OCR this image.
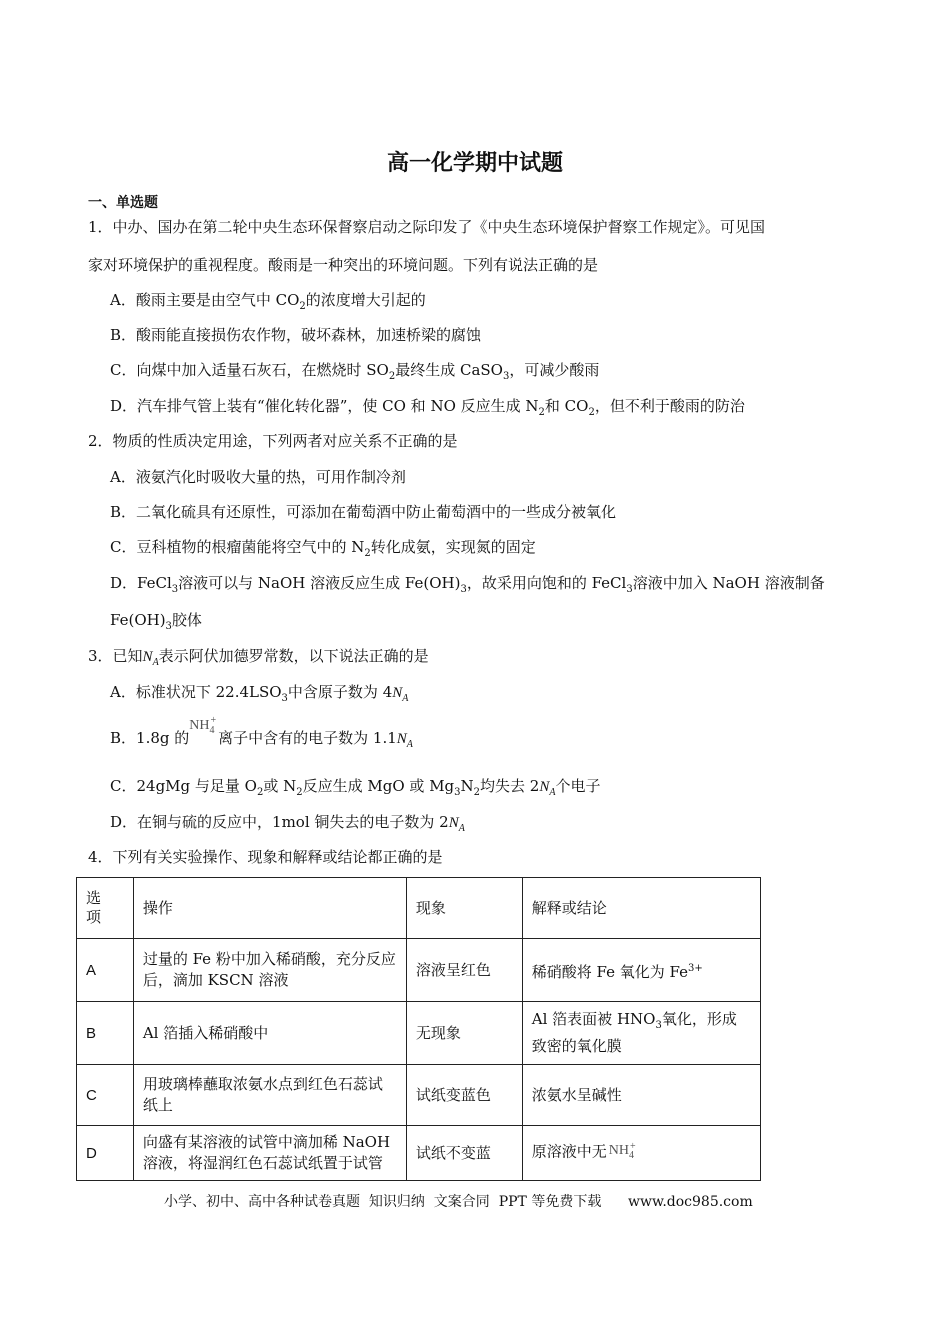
高一化学期中试题
一、单选题
1．中办、国办在第二轮中央生态环保督察启动之际印发了《中央生态环境保护督察工作规定》。可见国
家对环境保护的重视程度。酸雨是一种突出的环境问题。下列有说法正确的是
A．酸雨主要是由空气中 $CO_2$的浓度增大引起的
B．酸雨能直接损伤农作物，破坏森林，加速桥梁的腐蚀
C．向煤中加入适量石灰石，在燃烧时 $SO_2$最终生成 CaSO$_3$，可减少酸雨
D．汽车排气管上装有“催化转化器”，使 CO 和 NO 反应生成 $N_2$和 $CO_2$，但不利于酸雨的防治
2．物质的性质决定用途，下列两者对应关系不正确的是
A．液氨汽化时吸收大量的热，可用作制冷剂
B．二氧化硫具有还原性，可添加在葡萄酒中防止葡萄酒中的一些成分被氧化
C．豆科植物的根瘤菌能将空气中的 $N_2$转化成氨，实现氮的固定
D．FeCl$_3$溶液可以与 NaOH 溶液反应生成 $Fe(OH)_3$，故采用向饱和的 FeCl$_3$溶液中加入 NaOH 溶液制备
$Fe(OH)_3$胶体
3．已知$N_A$表示阿伏加德罗常数，以下说法正确的是
A．标准状况下 $22.4LSO_3$中含原子数为 $4N_A$
B．1.8g 的$NH_4^+$离子中含有的电子数为 $1.1N_A$
C．24gMg 与足量 $O_2$或 $N_2$反应生成 MgO 或 $Mg_3N_2$均失去 $2N_A$个电子
D．在铜与硫的反应中，1mol 铜失去的电子数为 $2N_A$
4．下列有关实验操作、现象和解释或结论都正确的是
选项	操作	现象	解释或结论
A	过量的 Fe 粉中加入稀硝酸，充分反应后，滴加 KSCN 溶液	溶液呈红色	稀硝酸将 Fe 氧化为 $Fe^{3+}$
B	Al 箔插入稀硝酸中	无现象	Al 箔表面被 $HNO_3$氧化，形成致密的氧化膜
C	用玻璃棒蘸取浓氨水点到红色石蕊试纸上	试纸变蓝色	浓氨水呈碱性
D	向盛有某溶液的试管中滴加稀 NaOH 溶液，将湿润红色石蕊试纸置于试管	试纸不变蓝	原溶液中无 $NH_4^+$
小学、初中、高中各种试卷真题  知识归纳  文案合同  PPT 等免费下载      www.doc985.com
